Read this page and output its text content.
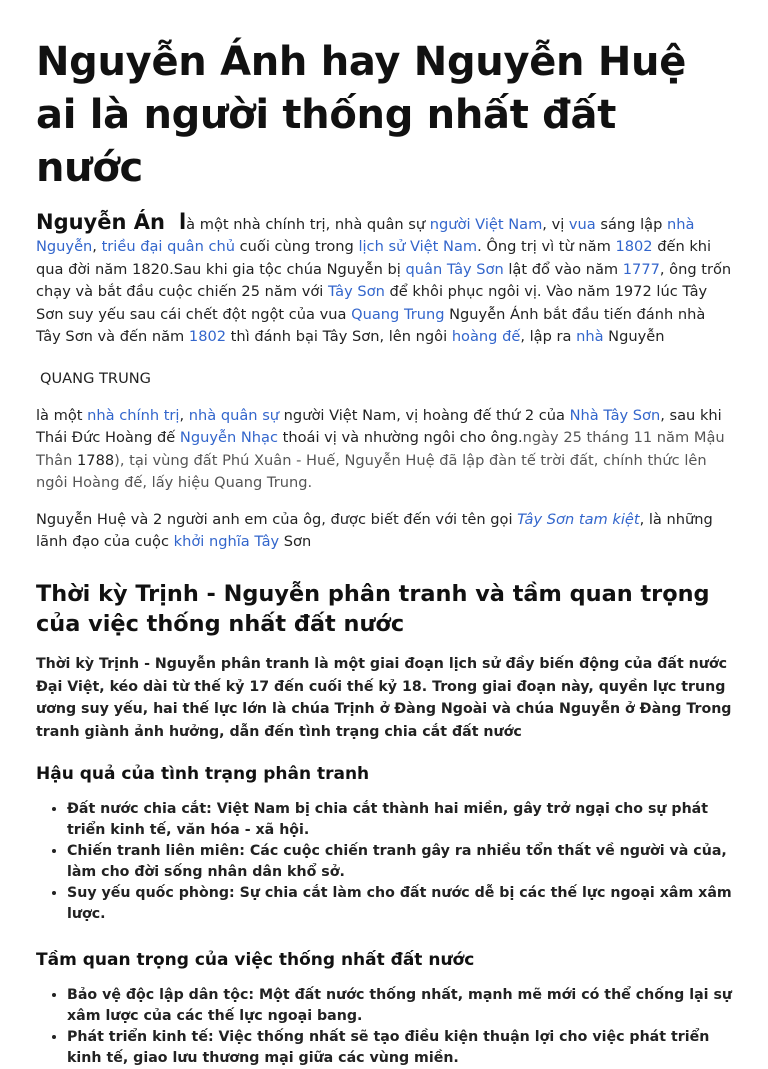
Nguyễn Ánh hay Nguyễn Huệ ai là người thống nhất đất nước

Nguyễn Án là một nhà chính trị, nhà quân sự người Việt Nam, vị vua sáng lập nhà Nguyễn, triều đại quân chủ cuối cùng trong lịch sử Việt Nam. Ông trị vì từ năm 1802 đến khi qua đời năm 1820.Sau khi gia tộc chúa Nguyễn bị quân Tây Sơn lật đổ vào năm 1777, ông trốn chạy và bắt đầu cuộc chiến 25 năm với Tây Sơn để khôi phục ngôi vị. Vào năm 1972 lúc Tây Sơn suy yếu sau cái chết đột ngột của vua Quang Trung Nguyễn Ánh bắt đầu tiến đánh nhà Tây Sơn và đến năm 1802 thì đánh bại Tây Sơn, lên ngôi hoàng đế, lập ra nhà Nguyễn

QUANG TRUNG

là một nhà chính trị, nhà quân sự người Việt Nam, vị hoàng đế thứ 2 của Nhà Tây Sơn, sau khi Thái Đức Hoàng đế Nguyễn Nhạc thoái vị và nhường ngôi cho ông.ngày 25 tháng 11 năm Mậu Thân 1788), tại vùng đất Phú Xuân - Huế, Nguyễn Huệ đã lập đàn tế trời đất, chính thức lên ngôi Hoàng đế, lấy hiệu Quang Trung.

Nguyễn Huệ và 2 người anh em của ôg, được biết đến với tên gọi Tây Sơn tam kiệt, là những lãnh đạo của cuộc khởi nghĩa Tây Sơn

Thời kỳ Trịnh - Nguyễn phân tranh và tầm quan trọng của việc thống nhất đất nước

Thời kỳ Trịnh - Nguyễn phân tranh là một giai đoạn lịch sử đầy biến động của đất nước Đại Việt, kéo dài từ thế kỷ 17 đến cuối thế kỷ 18. Trong giai đoạn này, quyền lực trung ương suy yếu, hai thế lực lớn là chúa Trịnh ở Đàng Ngoài và chúa Nguyễn ở Đàng Trong tranh giành ảnh hưởng, dẫn đến tình trạng chia cắt đất nước

Hậu quả của tình trạng phân tranh
• Đất nước chia cắt: Việt Nam bị chia cắt thành hai miền, gây trở ngại cho sự phát triển kinh tế, văn hóa - xã hội.
• Chiến tranh liên miên: Các cuộc chiến tranh gây ra nhiều tổn thất về người và của, làm cho đời sống nhân dân khổ sở.
• Suy yếu quốc phòng: Sự chia cắt làm cho đất nước dễ bị các thế lực ngoại xâm xâm lược.
Tầm quan trọng của việc thống nhất đất nước
• Bảo vệ độc lập dân tộc: Một đất nước thống nhất, mạnh mẽ mới có thể chống lại sự xâm lược của các thế lực ngoại bang.
• Phát triển kinh tế: Việc thống nhất sẽ tạo điều kiện thuận lợi cho việc phát triển kinh tế, giao lưu thương mại giữa các vùng miền.
